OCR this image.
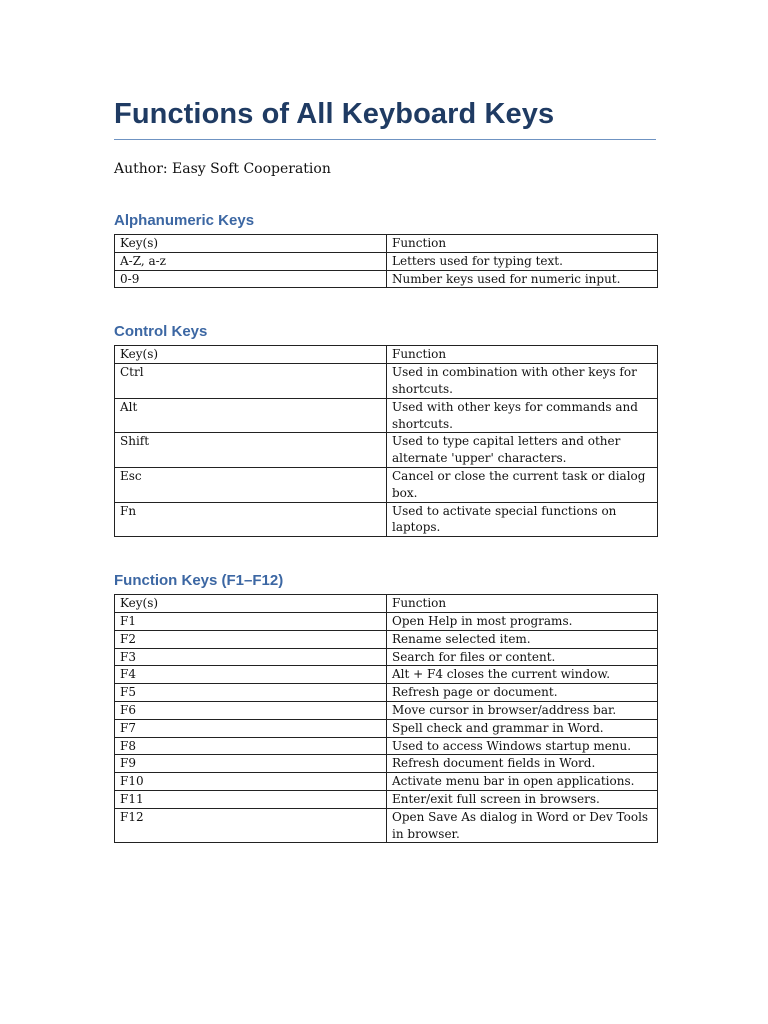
Functions of All Keyboard Keys
Author: Easy Soft Cooperation
Alphanumeric Keys
Key(s)	Function
A-Z, a-z	Letters used for typing text.
0-9	Number keys used for numeric input.
Control Keys
Key(s)	Function
Ctrl	Used in combination with other keys for shortcuts.
Alt	Used with other keys for commands and shortcuts.
Shift	Used to type capital letters and other alternate 'upper' characters.
Esc	Cancel or close the current task or dialog box.
Fn	Used to activate special functions on laptops.
Function Keys (F1–F12)
Key(s)	Function
F1	Open Help in most programs.
F2	Rename selected item.
F3	Search for files or content.
F4	Alt + F4 closes the current window.
F5	Refresh page or document.
F6	Move cursor in browser/address bar.
F7	Spell check and grammar in Word.
F8	Used to access Windows startup menu.
F9	Refresh document fields in Word.
F10	Activate menu bar in open applications.
F11	Enter/exit full screen in browsers.
F12	Open Save As dialog in Word or Dev Tools in browser.
